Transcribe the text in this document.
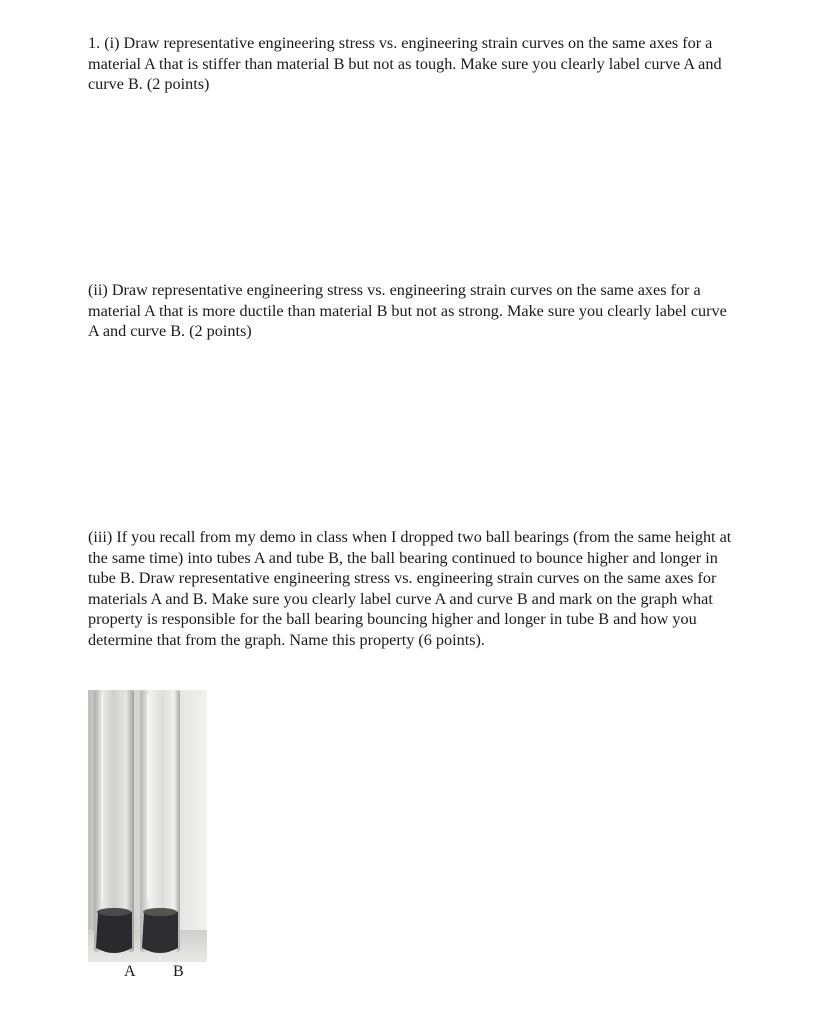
1. (i) Draw representative engineering stress vs. engineering strain curves on the same axes for a material A that is stiffer than material B but not as tough. Make sure you clearly label curve A and curve B. (2 points)

(ii) Draw representative engineering stress vs. engineering strain curves on the same axes for a material A that is more ductile than material B but not as strong. Make sure you clearly label curve A and curve B. (2 points)

(iii) If you recall from my demo in class when I dropped two ball bearings (from the same height at the same time) into tubes A and tube B, the ball bearing continued to bounce higher and longer in tube B. Draw representative engineering stress vs. engineering strain curves on the same axes for materials A and B. Make sure you clearly label curve A and curve B and mark on the graph what property is responsible for the ball bearing bouncing higher and longer in tube B and how you determine that from the graph. Name this property (6 points).

A B
